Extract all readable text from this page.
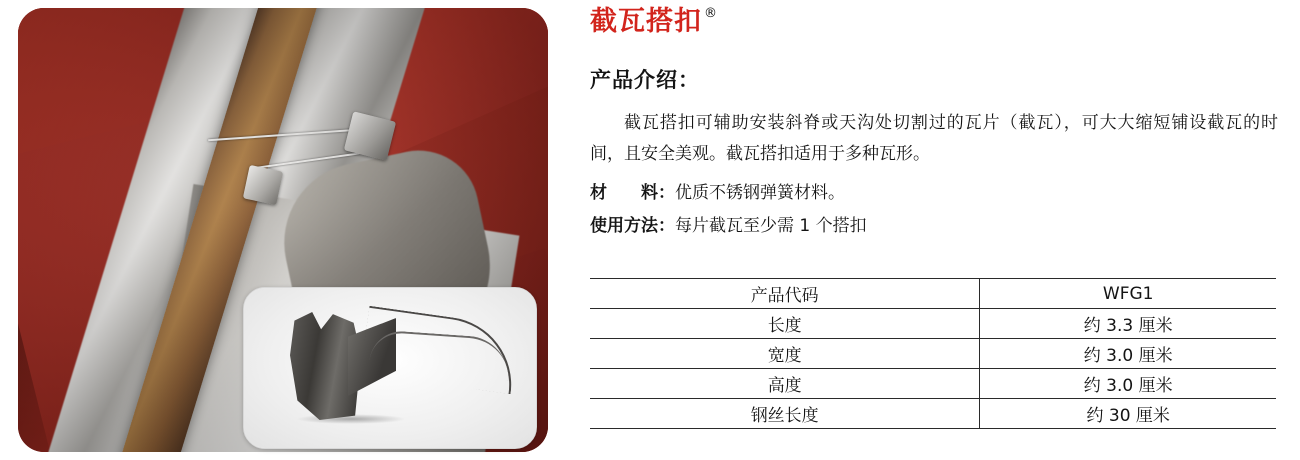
截瓦搭扣 ®
产品介绍：
截瓦搭扣可辅助安装斜脊或天沟处切割过的瓦片（截瓦），可大大缩短铺设截瓦的时间，且安全美观。截瓦搭扣适用于多种瓦形。
材　　料：优质不锈钢弹簧材料。
使用方法：每片截瓦至少需 1 个搭扣
产品代码	WFG1
长度	约 3.3 厘米
宽度	约 3.0 厘米
高度	约 3.0 厘米
钢丝长度	约 30 厘米
